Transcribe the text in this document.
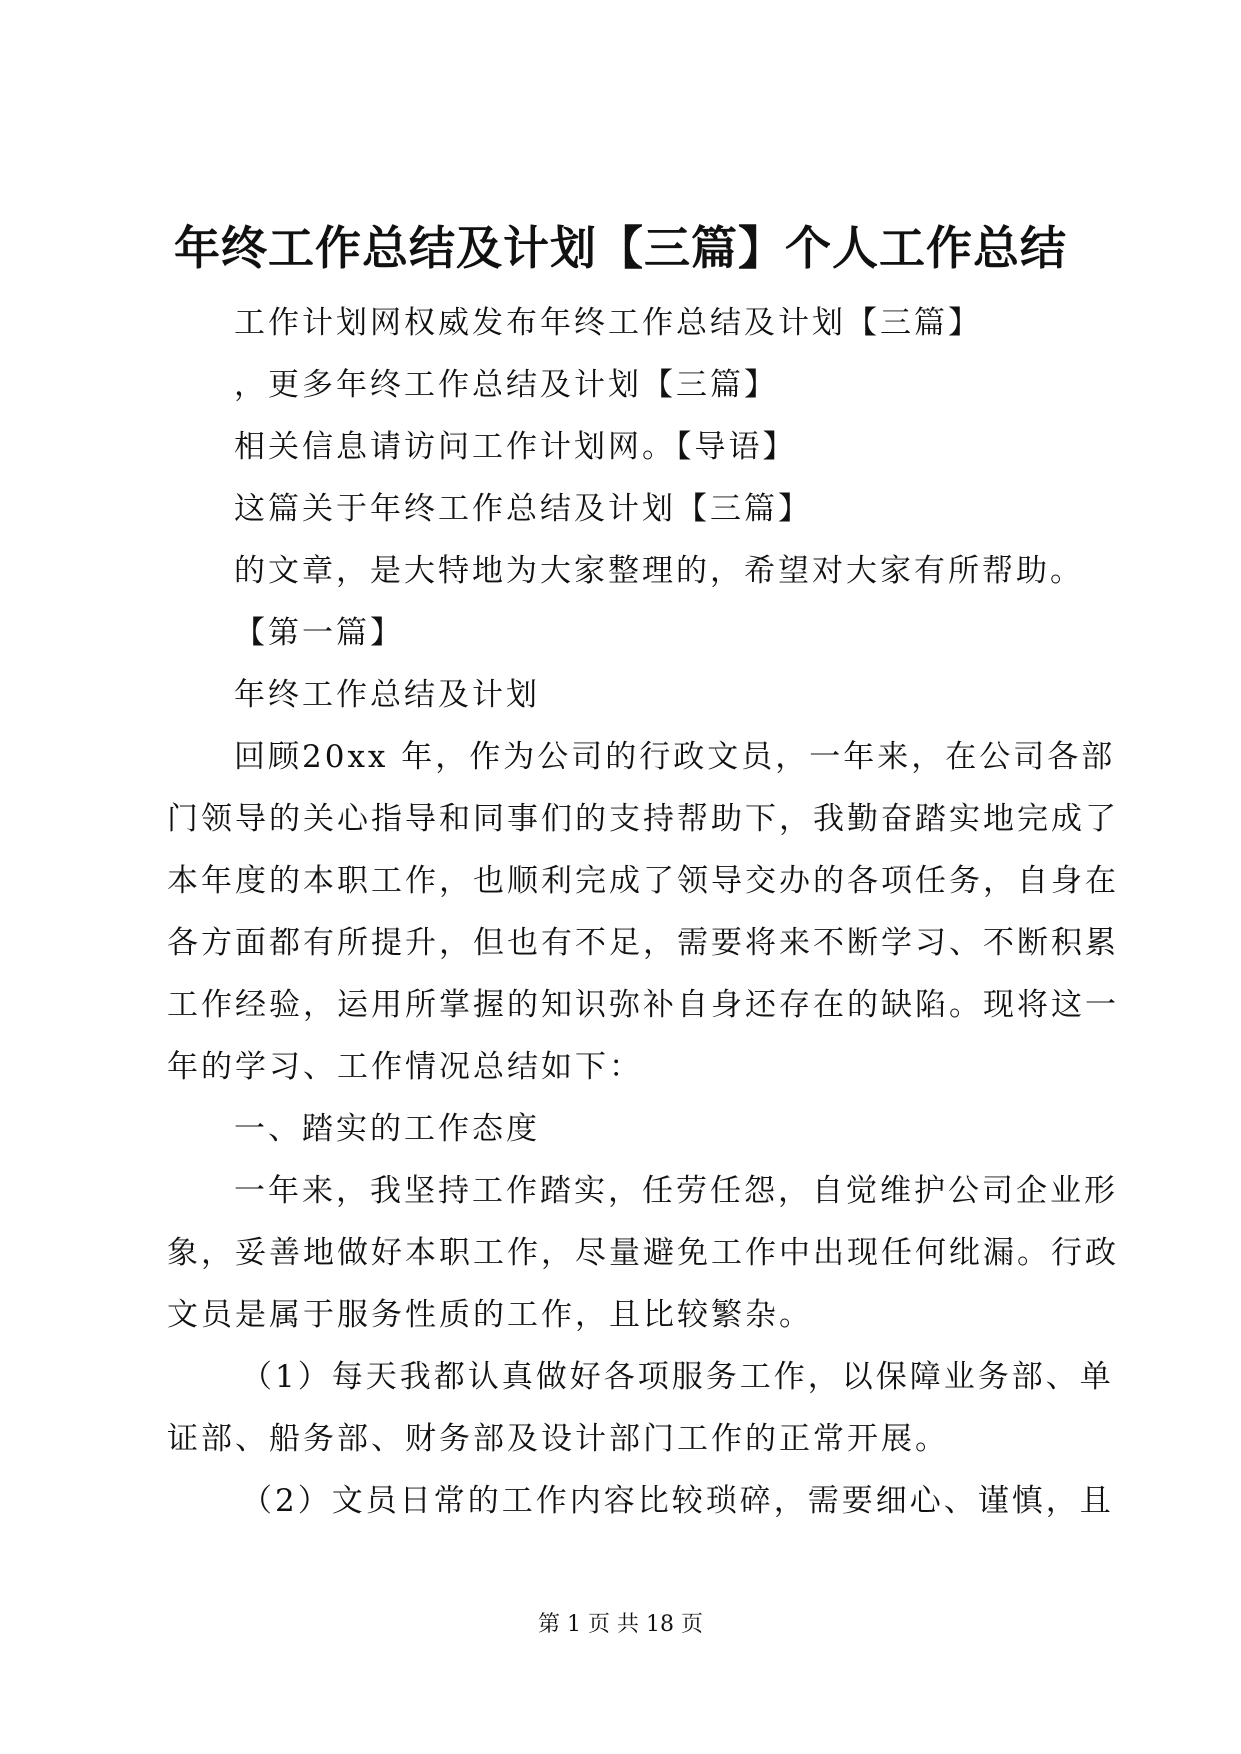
年终工作总结及计划【三篇】个人工作总结
工作计划网权威发布年终工作总结及计划【三篇】
，更多年终工作总结及计划【三篇】
相关信息请访问工作计划网。【导语】
这篇关于年终工作总结及计划【三篇】
的文章，是大特地为大家整理的，希望对大家有所帮助。
【第一篇】
年终工作总结及计划
回顾20xx 年，作为公司的行政文员，一年来，在公司各部
门领导的关心指导和同事们的支持帮助下，我勤奋踏实地完成了
本年度的本职工作，也顺利完成了领导交办的各项任务，自身在
各方面都有所提升，但也有不足，需要将来不断学习、不断积累
工作经验，运用所掌握的知识弥补自身还存在的缺陷。现将这一
年的学习、工作情况总结如下：
一、踏实的工作态度
一年来，我坚持工作踏实，任劳任怨，自觉维护公司企业形
象，妥善地做好本职工作，尽量避免工作中出现任何纰漏。行政
文员是属于服务性质的工作，且比较繁杂。
（1）每天我都认真做好各项服务工作，以保障业务部、单
证部、船务部、财务部及设计部门工作的正常开展。
（2）文员日常的工作内容比较琐碎，需要细心、谨慎，且
第 1 页 共 18 页
